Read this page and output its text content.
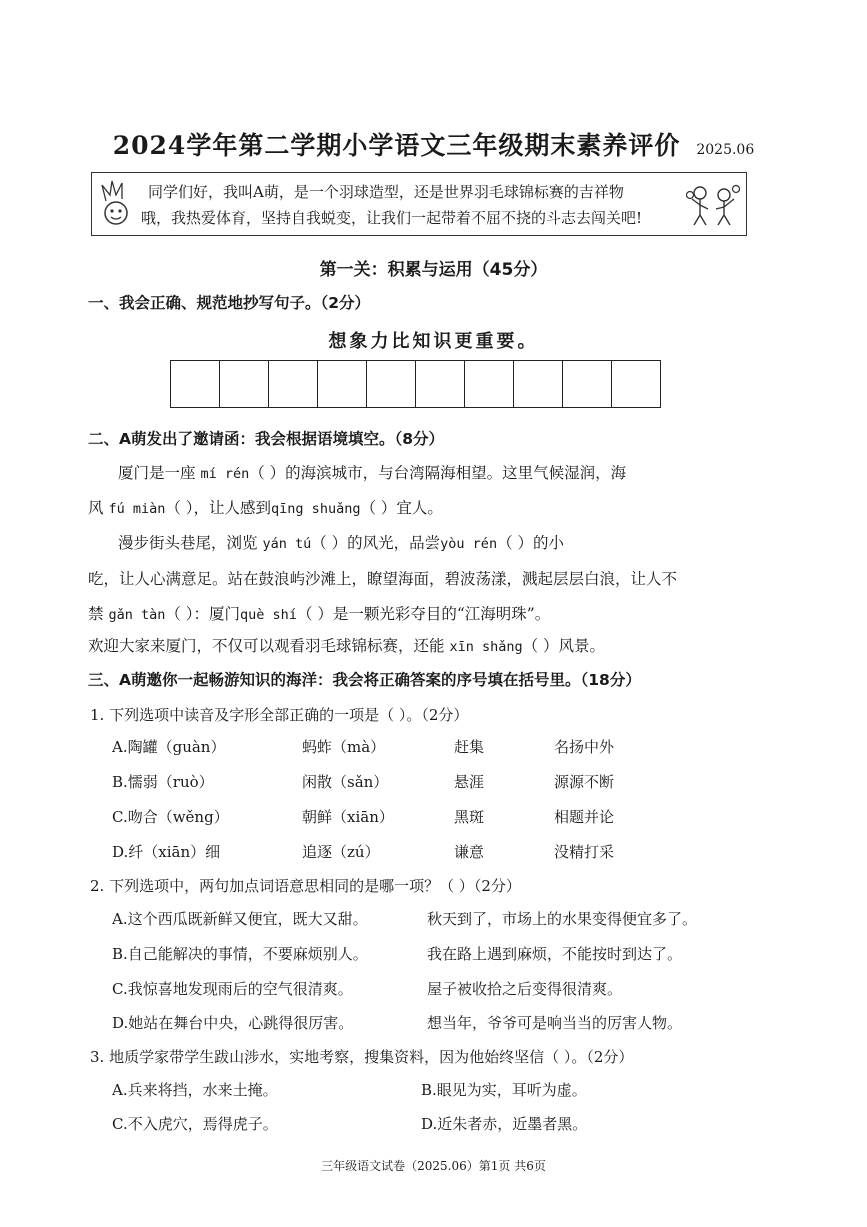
2024学年第二学期小学语文三年级期末素养评价 2025.06
同学们好，我叫A萌，是一个羽球造型，还是世界羽毛球锦标赛的吉祥物
哦，我热爱体育，坚持自我蜕变，让我们一起带着不屈不挠的斗志去闯关吧!
第一关：积累与运用（45分）
一、我会正确、规范地抄写句子。（2分）
想象力比知识更重要。
二、A萌发出了邀请函：我会根据语境填空。（8分）
厦门是一座 mí rén（ ）的海滨城市，与台湾隔海相望。这里气候湿润，海
风 fú miàn（ ），让人感到qīng shuǎng（ ）宜人。
漫步街头巷尾，浏览 yán tú（ ）的风光，品尝yòu rén（ ）的小
吃，让人心满意足。站在鼓浪屿沙滩上，瞭望海面，碧波荡漾，溅起层层白浪，让人不
禁 gǎn tàn（ ）：厦门què shí（ ）是一颗光彩夺目的“江海明珠”。
欢迎大家来厦门，不仅可以观看羽毛球锦标赛，还能 xīn shǎng（ ）风景。
三、A萌邀你一起畅游知识的海洋：我会将正确答案的序号填在括号里。（18分）
1. 下列选项中读音及字形全部正确的一项是（ ）。（2分）
A.陶罐（guàn）	蚂蚱（mà）	赶集	名扬中外
B.懦弱（ruò）	闲散（sǎn）	悬涯	源源不断
C.吻合（wěng）	朝鲜（xiān）	黑斑	相题并论
D.纤（xiān）细	追逐（zú）	谦意	没精打采
2. 下列选项中，两句加点词语意思相同的是哪一项？（ ）（2分）
A.这个西瓜既新鲜又便宜，既大又甜。	秋天到了，市场上的水果变得便宜多了。
B.自己能解决的事情，不要麻烦别人。	我在路上遇到麻烦，不能按时到达了。
C.我惊喜地发现雨后的空气很清爽。	屋子被收拾之后变得很清爽。
D.她站在舞台中央，心跳得很厉害。	想当年，爷爷可是响当当的厉害人物。
3. 地质学家带学生跋山涉水，实地考察，搜集资料，因为他始终坚信（ ）。（2分）
A.兵来将挡，水来土掩。	B.眼见为实，耳听为虚。
C.不入虎穴，焉得虎子。	D.近朱者赤，近墨者黑。
三年级语文试卷（2025.06）第1页 共6页
